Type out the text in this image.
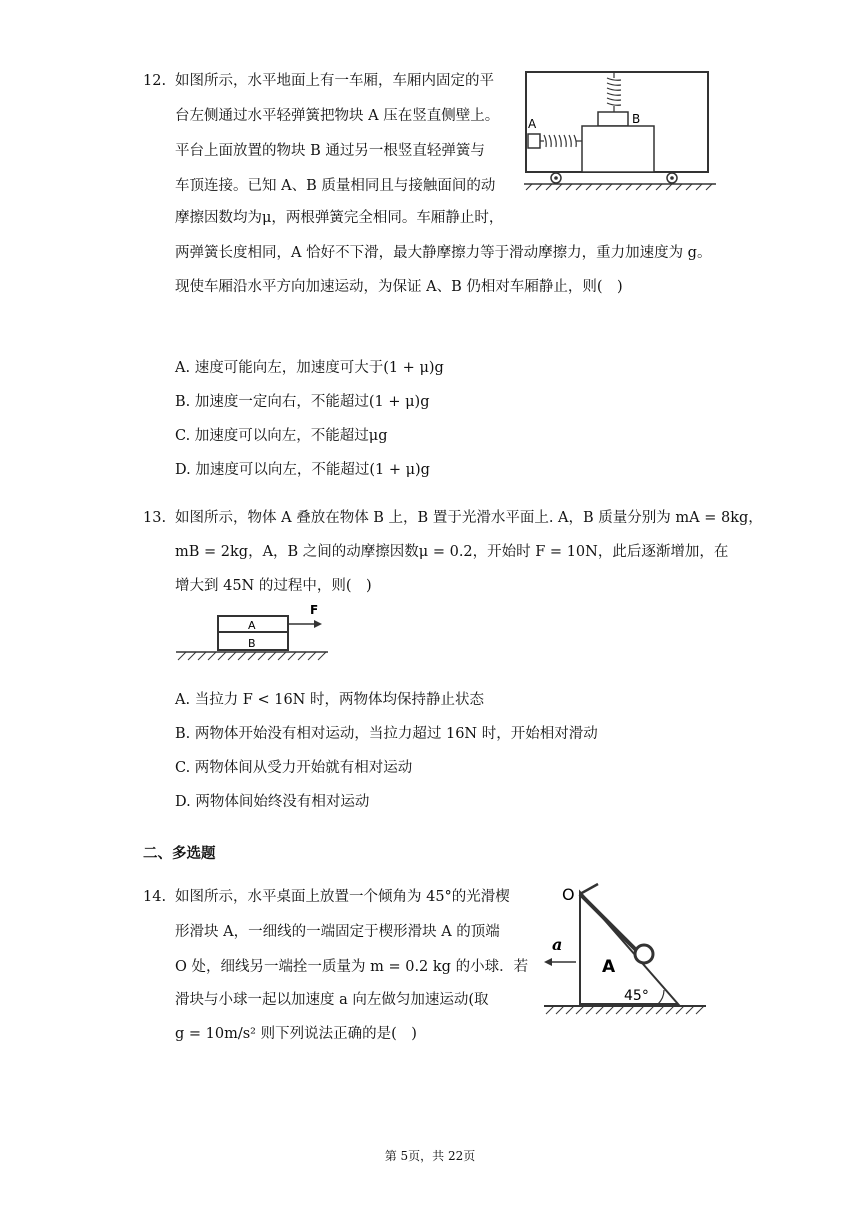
12. 如图所示，水平地面上有一车厢，车厢内固定的平
台左侧通过水平轻弹簧把物块 A 压在竖直侧壁上。
平台上面放置的物块 B 通过另一根竖直轻弹簧与
车顶连接。已知 A、B 质量相同且与接触面间的动
摩擦因数均为μ，两根弹簧完全相同。车厢静止时，
两弹簧长度相同，A 恰好不下滑，最大静摩擦力等于滑动摩擦力，重力加速度为 g。
现使车厢沿水平方向加速运动，为保证 A、B 仍相对车厢静止，则(　)
B
A
A. 速度可能向左，加速度可大于(1 + μ)g
B. 加速度一定向右，不能超过(1 + μ)g
C. 加速度可以向左，不能超过μg
D. 加速度可以向左，不能超过(1 + μ)g
13. 如图所示，物体 A 叠放在物体 B 上，B 置于光滑水平面上. A，B 质量分别为 mA = 8kg，
mB = 2kg，A，B 之间的动摩擦因数μ = 0.2，开始时 F = 10N，此后逐渐增加，在
增大到 45N 的过程中，则(　)
A
B
F
A. 当拉力 F < 16N 时，两物体均保持静止状态
B. 两物体开始没有相对运动，当拉力超过 16N 时，开始相对滑动
C. 两物体间从受力开始就有相对运动
D. 两物体间始终没有相对运动
二、多选题
14. 如图所示，水平桌面上放置一个倾角为 45°的光滑楔
形滑块 A，一细线的一端固定于楔形滑块 A 的顶端
O 处，细线另一端拴一质量为 m = 0.2 kg 的小球．若
滑块与小球一起以加速度 a 向左做匀加速运动(取
g = 10m/s² 则下列说法正确的是(　)
O
a
A
45°
第 5页，共 22页
